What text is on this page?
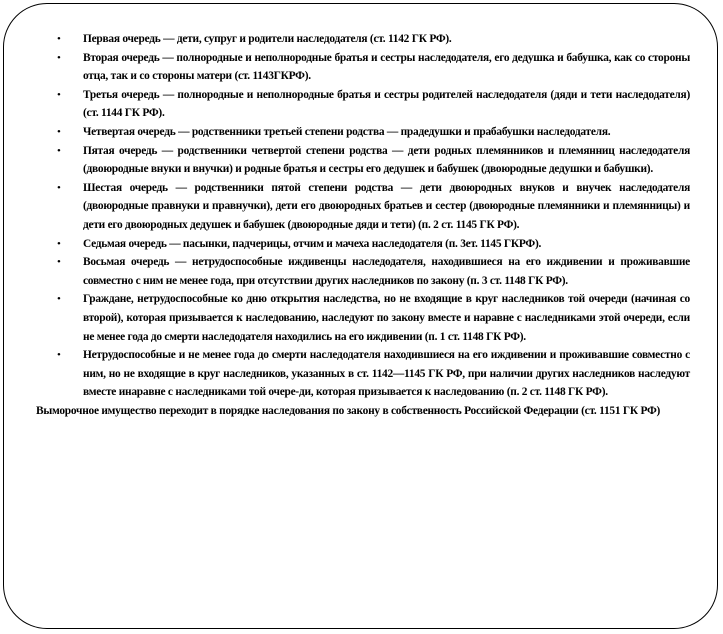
• Первая очередь — дети, супруг и родители наследодателя (ст. 1142 ГК РФ).
• Вторая очередь — полнородные и неполнородные братья и сестры наследодателя, его дедушка и бабушка, как со стороны отца, так и со стороны матери (ст. 1143ГКРФ).
• Третья очередь — полнородные и неполнородные братья и сестры родителей наследодателя (дяди и тети наследодателя) (ст. 1144 ГК РФ).
• Четвертая очередь — родственники третьей степени родства — прадедушки и прабабушки наследодателя.
• Пятая очередь — родственники четвертой степени родства — дети родных племянников и племянниц наследодателя (двоюродные внуки и внучки) и родные братья и сестры его дедушек и бабушек (двоюродные дедушки и бабушки).
• Шестая очередь — родственники пятой степени родства — дети двоюродных внуков и внучек наследодателя (двоюродные правнуки и правнучки), дети его двоюродных братьев и сестер (двоюродные племянники и племянницы) и дети его двоюродных дедушек и бабушек (двоюродные дяди и тети) (п. 2 ст. 1145 ГК РФ).
• Седьмая очередь — пасынки, падчерицы, отчим и мачеха наследодателя (п. 3ет. 1145 ГКРФ).
• Восьмая очередь — нетрудоспособные иждивенцы наследодателя, находившиеся на его иждивении и проживавшие совместно с ним не менее года, при отсутствии других наследников по закону (п. 3 ст. 1148 ГК РФ).
• Граждане, нетрудоспособные ко дню открытия наследства, но не входящие в круг наследников той очереди (начиная со второй), которая призывается к наследованию, наследуют по закону вместе и наравне с наследниками этой очереди, если не менее года до смерти наследодателя находились на его иждивении (п. 1 ст. 1148 ГК РФ).
• Нетрудоспособные и не менее года до смерти наследодателя находившиеся на его иждивении и проживавшие совместно с ним, но не входящие в круг наследников, указанных в ст. 1142—1145 ГК РФ, при наличии других наследников наследуют вместе инаравне с наследниками той очере-ди, которая призывается к наследованию (п. 2 ст. 1148 ГК РФ).

Выморочное имущество переходит в порядке наследования по закону в собственность Российской Федерации (ст. 1151 ГК РФ)
